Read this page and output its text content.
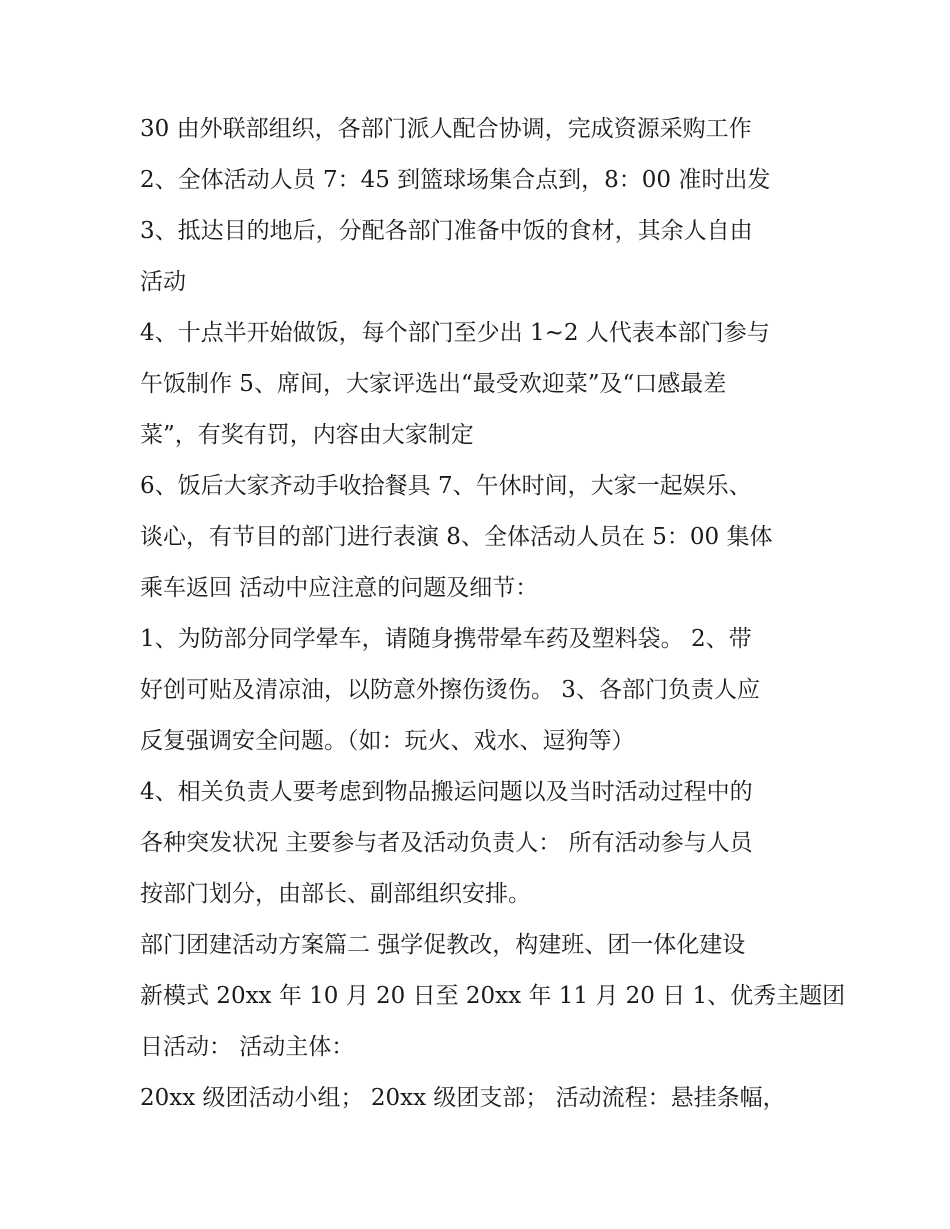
30 由外联部组织，各部门派人配合协调，完成资源采购工作
2、全体活动人员 7：45 到篮球场集合点到，8：00 准时出发
3、抵达目的地后，分配各部门准备中饭的食材，其余人自由
活动
4、十点半开始做饭，每个部门至少出 1~2 人代表本部门参与
午饭制作 5、席间，大家评选出“最受欢迎菜”及“口感最差
菜”，有奖有罚，内容由大家制定
6、饭后大家齐动手收拾餐具 7、午休时间，大家一起娱乐、
谈心，有节目的部门进行表演 8、全体活动人员在 5：00 集体
乘车返回 活动中应注意的问题及细节：
1、为防部分同学晕车，请随身携带晕车药及塑料袋。 2、带
好创可贴及清凉油，以防意外擦伤烫伤。 3、各部门负责人应
反复强调安全问题。（如：玩火、戏水、逗狗等）
4、相关负责人要考虑到物品搬运问题以及当时活动过程中的
各种突发状况 主要参与者及活动负责人： 所有活动参与人员
按部门划分，由部长、副部组织安排。
部门团建活动方案篇二 强学促教改，构建班、团一体化建设
新模式 20xx 年 10 月 20 日至 20xx 年 11 月 20 日 1、优秀主题团
日活动： 活动主体：
20xx 级团活动小组； 20xx 级团支部； 活动流程：悬挂条幅，
